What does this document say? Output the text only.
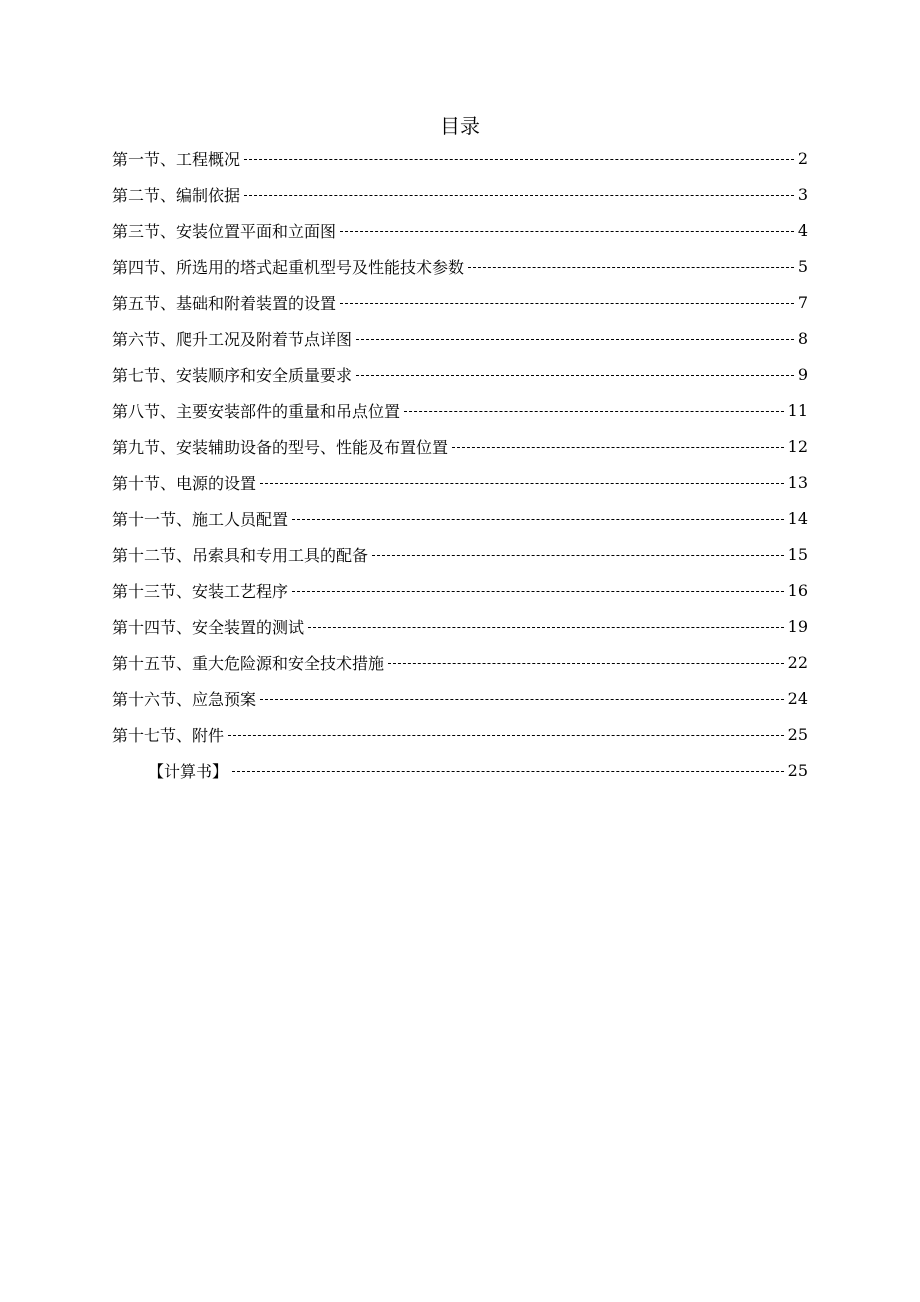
目录
第一节、工程概况	2
第二节、编制依据	3
第三节、安装位置平面和立面图	4
第四节、所选用的塔式起重机型号及性能技术参数	5
第五节、基础和附着装置的设置	7
第六节、爬升工况及附着节点详图	8
第七节、安装顺序和安全质量要求	9
第八节、主要安装部件的重量和吊点位置	11
第九节、安装辅助设备的型号、性能及布置位置	12
第十节、电源的设置	13
第十一节、施工人员配置	14
第十二节、吊索具和专用工具的配备	15
第十三节、安装工艺程序	16
第十四节、安全装置的测试	19
第十五节、重大危险源和安全技术措施	22
第十六节、应急预案	24
第十七节、附件	25
【计算书】	25
